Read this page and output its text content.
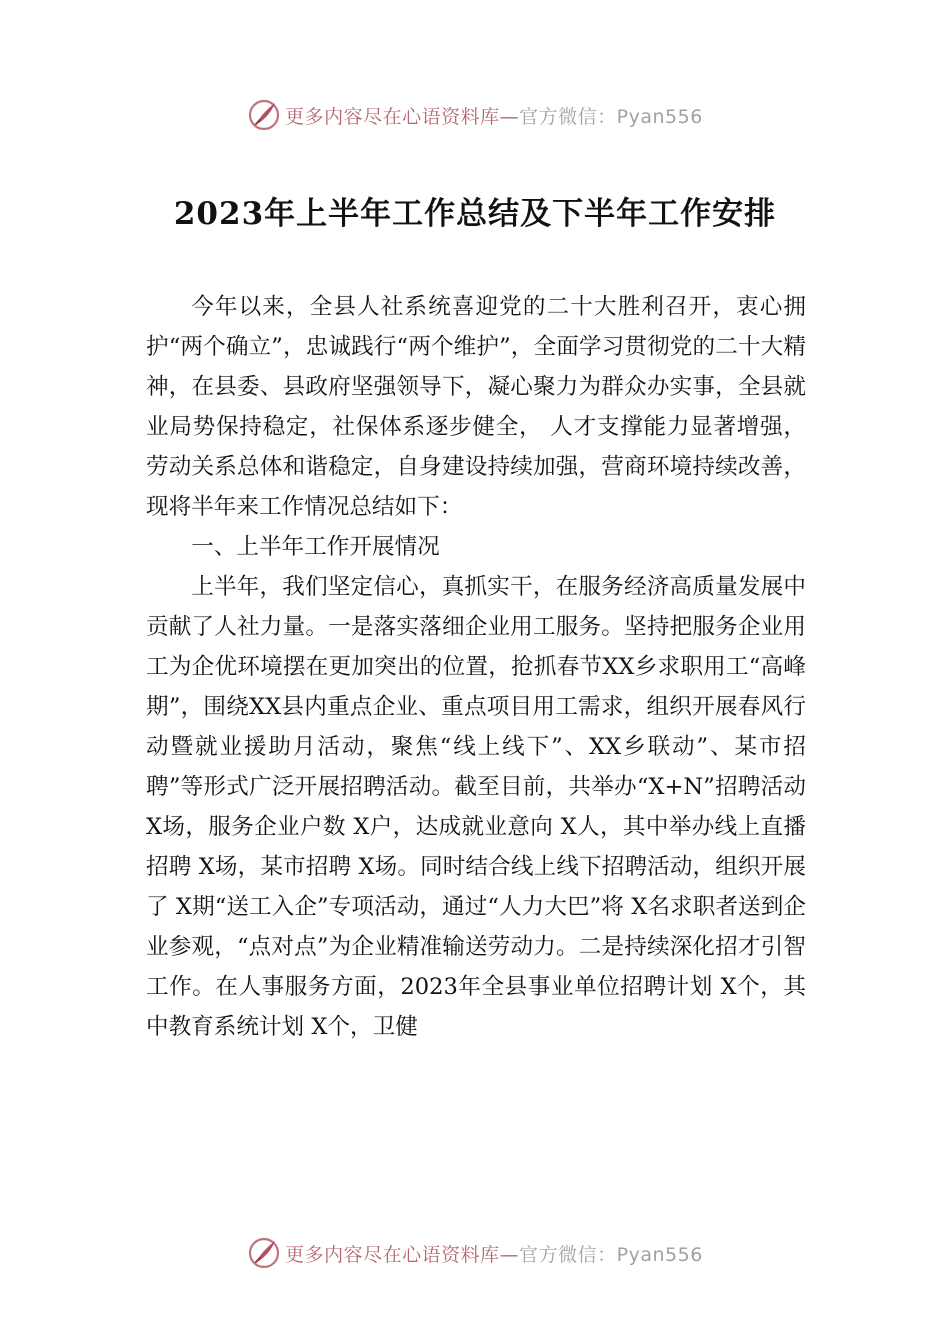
更多内容尽在心语资料库—官方微信：Pyan556
2023年上半年工作总结及下半年工作安排

今年以来，全县人社系统喜迎党的二十大胜利召开，衷心拥护“两个确立”，忠诚践行“两个维护”，全面学习贯彻党的二十大精神，在县委、县政府坚强领导下，凝心聚力为群众办实事，全县就业局势保持稳定，社保体系逐步健全， 人才支撑能力显著增强，劳动关系总体和谐稳定，自身建设持续加强，营商环境持续改善，现将半年来工作情况总结如下：

一、上半年工作开展情况

上半年，我们坚定信心，真抓实干，在服务经济高质量发展中贡献了人社力量。一是落实落细企业用工服务。坚持把服务企业用工为企优环境摆在更加突出的位置，抢抓春节XX乡求职用工“高峰期”，围绕XX县内重点企业、重点项目用工需求，组织开展春风行动暨就业援助月活动，聚焦“线上线下”、XX乡联动”、某市招聘”等形式广泛开展招聘活动。截至目前，共举办“X+N”招聘活动 X场，服务企业户数 X户，达成就业意向 X人，其中举办线上直播招聘 X场，某市招聘 X场。同时结合线上线下招聘活动，组织开展了 X期“送工入企”专项活动，通过“人力大巴”将 X名求职者送到企业参观，“点对点”为企业精准输送劳动力。二是持续深化招才引智工作。在人事服务方面，2023年全县事业单位招聘计划 X个，其中教育系统计划 X个，卫健

更多内容尽在心语资料库—官方微信：Pyan556
